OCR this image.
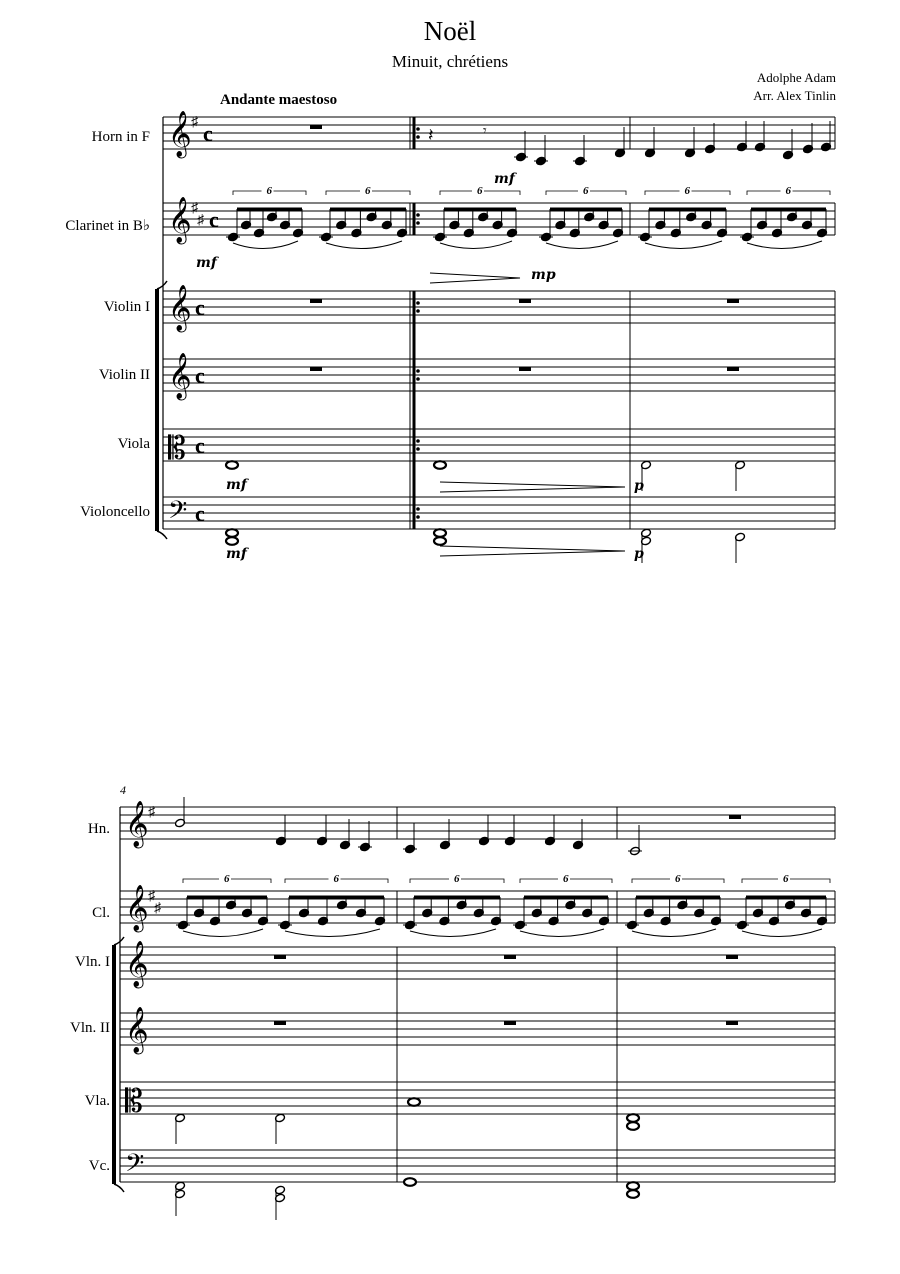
Noël
Minuit, chrétiens
Adolphe Adam
Arr. Alex Tinlin
Andante maestoso
Horn in F
Clarinet in B♭
Violin I
Violin II
Viola
Violoncello
4
Hn.
Cl.
Vln. I
Vln. II
Vla.
Vc.
𝄞
𝄞
𝄞
𝄞
𝄡
𝄢
♯
♯
♯
c
c
c
c
c
c
𝄞
𝄞
𝄞
𝄞
𝄡
𝄢
♯
♯
♯
6	6	6	6	6	6
6	6	6	6	6	6
𝄽	𝄾
mf
mp
mf
mf	p
mf	p
